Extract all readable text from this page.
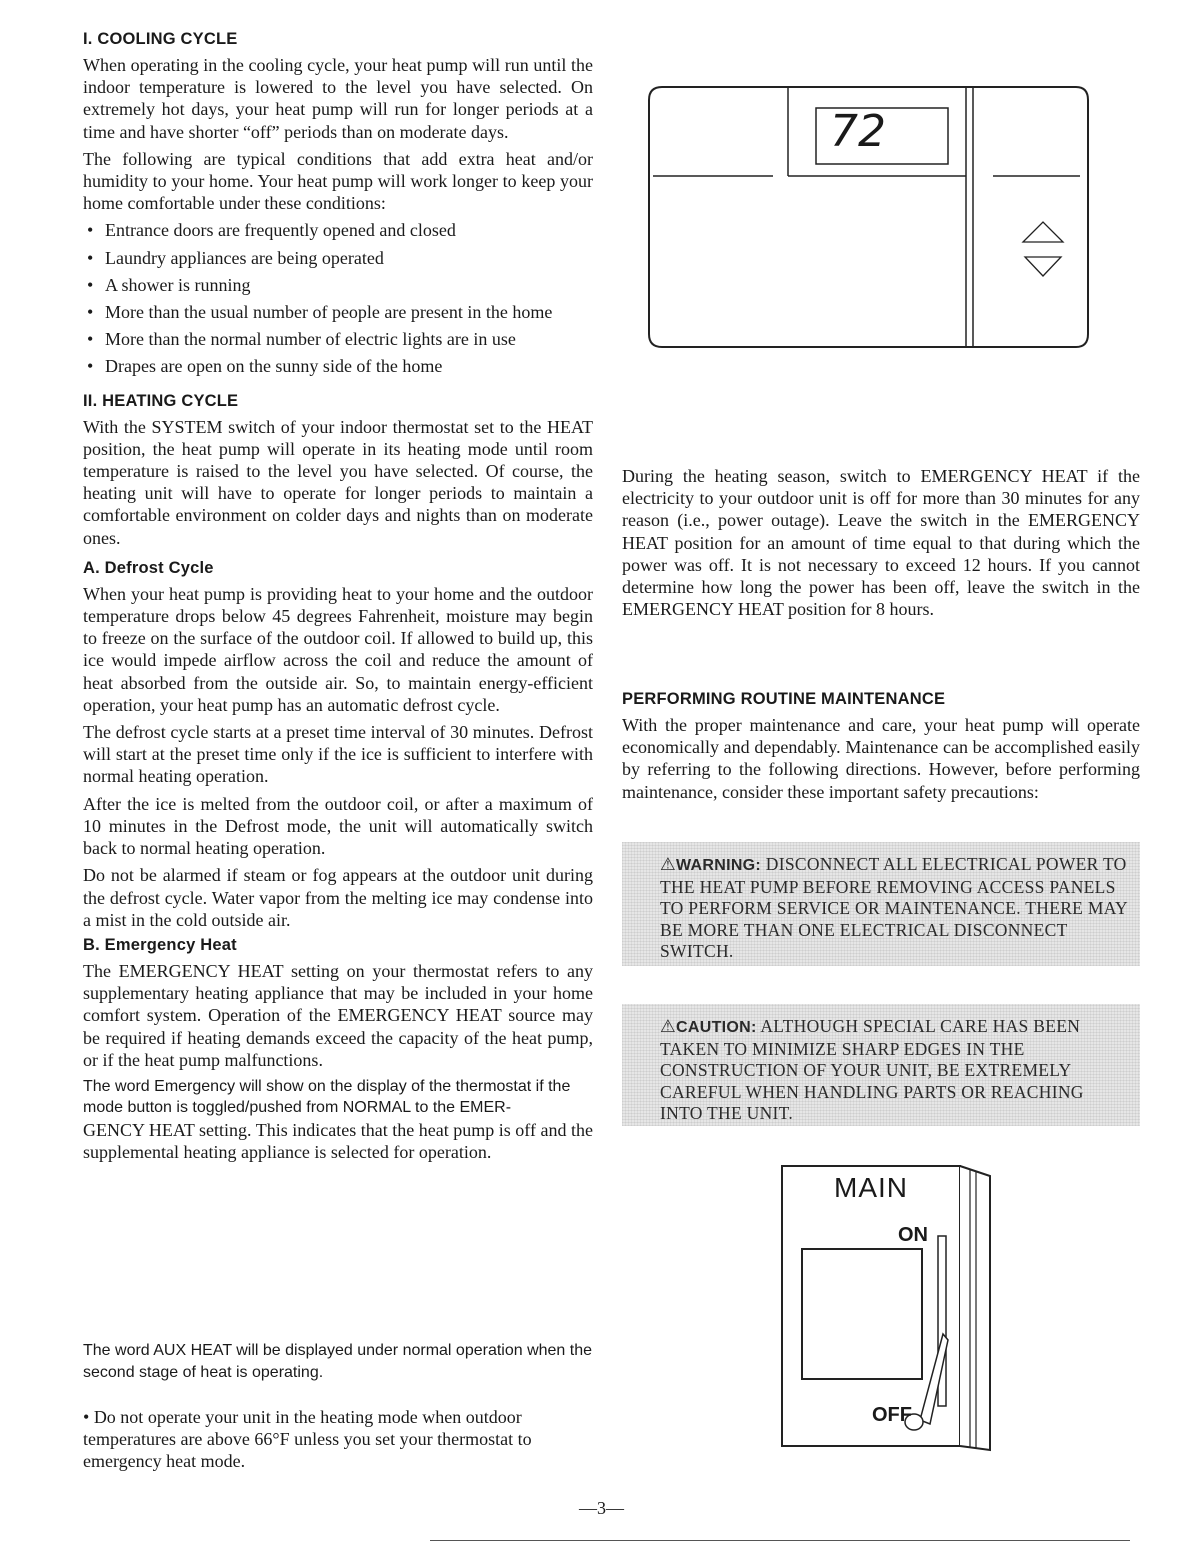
I. COOLING CYCLE

When operating in the cooling cycle, your heat pump will run until the indoor temperature is lowered to the level you have selected. On extremely hot days, your heat pump will run for longer periods at a time and have shorter “off” periods than on moderate days.

The following are typical conditions that add extra heat and/or humidity to your home. Your heat pump will work longer to keep your home comfortable under these conditions:

• Entrance doors are frequently opened and closed
• Laundry appliances are being operated
• A shower is running
• More than the usual number of people are present in the home
• More than the normal number of electric lights are in use
• Drapes are open on the sunny side of the home
II. HEATING CYCLE

With the SYSTEM switch of your indoor thermostat set to the HEAT position, the heat pump will operate in its heating mode until room temperature is raised to the level you have selected. Of course, the heating unit will have to operate for longer periods to maintain a comfortable environment on colder days and nights than on moderate ones.

A. Defrost Cycle

When your heat pump is providing heat to your home and the outdoor temperature drops below 45 degrees Fahrenheit, moisture may begin to freeze on the surface of the outdoor coil. If allowed to build up, this ice would impede airflow across the coil and reduce the amount of heat absorbed from the outside air. So, to maintain energy-efficient operation, your heat pump has an automatic defrost cycle.

The defrost cycle starts at a preset time interval of 30 minutes. Defrost will start at the preset time only if the ice is sufficient to interfere with normal heating operation.

After the ice is melted from the outdoor coil, or after a maximum of 10 minutes in the Defrost mode, the unit will automatically switch back to normal heating operation.

Do not be alarmed if steam or fog appears at the outdoor unit during the defrost cycle. Water vapor from the melting ice may condense into a mist in the cold outside air.

B. Emergency Heat

The EMERGENCY HEAT setting on your thermostat refers to any supplementary heating appliance that may be included in your home comfort system. Operation of the EMERGENCY HEAT source may be required if heating demands exceed the capacity of the heat pump, or if the heat pump malfunctions.

The word Emergency will show on the display of the thermostat if the mode button is toggled/pushed from NORMAL to the EMER-

GENCY HEAT setting. This indicates that the heat pump is off and the supplemental heating appliance is selected for operation.

The word AUX HEAT will be displayed under normal operation when the second stage of heat is operating.

• Do not operate your unit in the heating mode when outdoor temperatures are above 66°F unless you set your thermostat to emergency heat mode.

72

During the heating season, switch to EMERGENCY HEAT if the electricity to your outdoor unit is off for more than 30 minutes for any reason (i.e., power outage). Leave the switch in the EMERGENCY HEAT position for an amount of time equal to that during which the power was off. It is not necessary to exceed 12 hours. If you cannot determine how long the power has been off, leave the switch in the EMERGENCY HEAT position for 8 hours.

PERFORMING ROUTINE MAINTENANCE

With the proper maintenance and care, your heat pump will operate economically and dependably. Maintenance can be accomplished easily by referring to the following directions. However, before performing maintenance, consider these important safety precautions:

⚠WARNING: DISCONNECT ALL ELECTRICAL POWER TO THE HEAT PUMP BEFORE REMOVING ACCESS PANELS TO PERFORM SERVICE OR MAINTENANCE. THERE MAY BE MORE THAN ONE ELECTRICAL DISCONNECT SWITCH.
⚠CAUTION: ALTHOUGH SPECIAL CARE HAS BEEN TAKEN TO MINIMIZE SHARP EDGES IN THE CONSTRUCTION OF YOUR UNIT, BE EXTREMELY CAREFUL WHEN HANDLING PARTS OR REACHING INTO THE UNIT.
MAIN
ON
OFF
—3—
